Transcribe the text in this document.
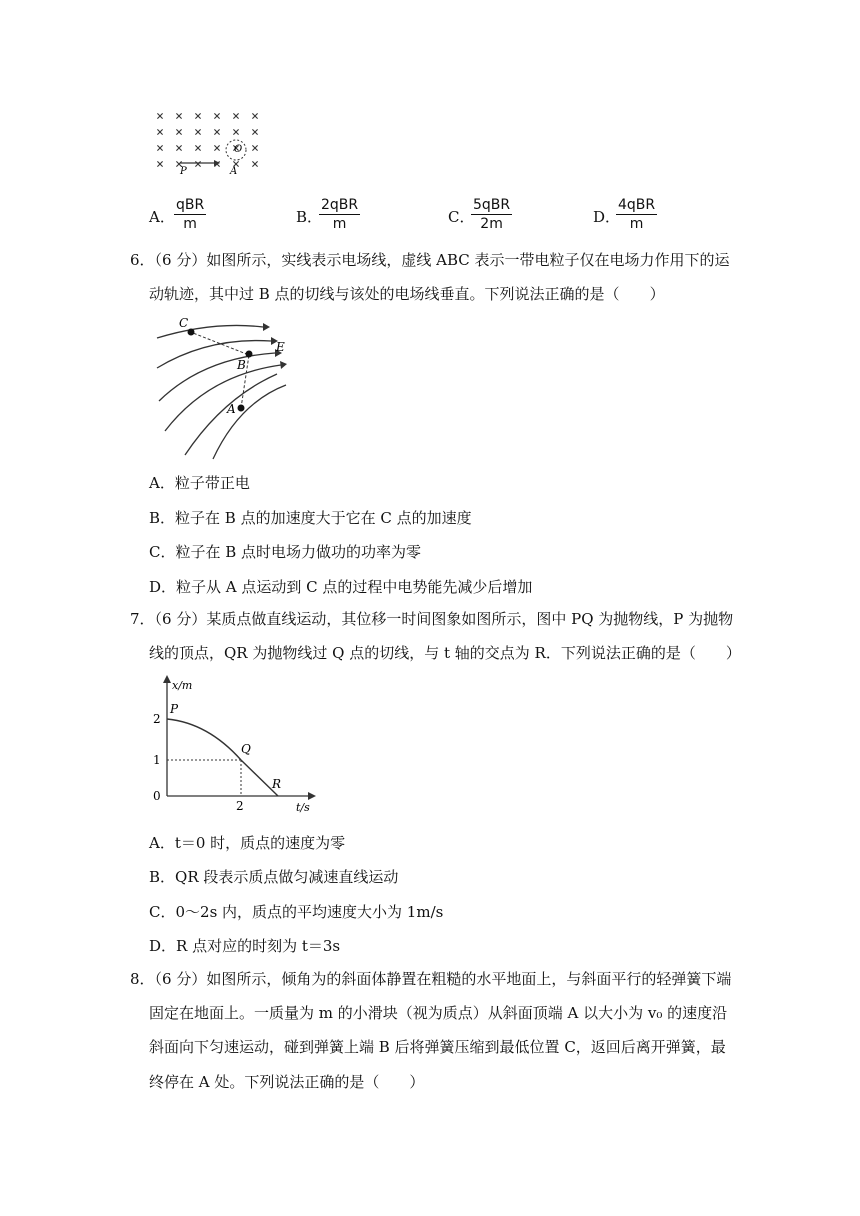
O
P	A
A．
qBR
m	B．
2qBR
m	C．
5qBR
2m	D．
4qBR
m
6．（6 分）如图所示，实线表示电场线，虚线 ABC 表示一带电粒子仅在电场力作用下的运
动轨迹，其中过 B 点的切线与该处的电场线垂直。下列说法正确的是（　　）
C
B
A
E
A．粒子带正电
B．粒子在 B 点的加速度大于它在 C 点的加速度
C．粒子在 B 点时电场力做功的功率为零
D．粒子从 A 点运动到 C 点的过程中电势能先减少后增加
7．（6 分）某质点做直线运动，其位移一时间图象如图所示，图中 PQ 为抛物线，P 为抛物
线的顶点，QR 为抛物线过 Q 点的切线，与 t 轴的交点为 R．下列说法正确的是（　　）
x/m
t/s
2
1
0
2
P
Q
R
A．t＝0 时，质点的速度为零
B．QR 段表示质点做匀减速直线运动
C．0～2s 内，质点的平均速度大小为 1m/s
D．R 点对应的时刻为 t＝3s
8．（6 分）如图所示，倾角为的斜面体静置在粗糙的水平地面上，与斜面平行的轻弹簧下端
固定在地面上。一质量为 m 的小滑块（视为质点）从斜面顶端 A 以大小为 v₀ 的速度沿
斜面向下匀速运动，碰到弹簧上端 B 后将弹簧压缩到最低位置 C，返回后离开弹簧，最
终停在 A 处。下列说法正确的是（　　）
